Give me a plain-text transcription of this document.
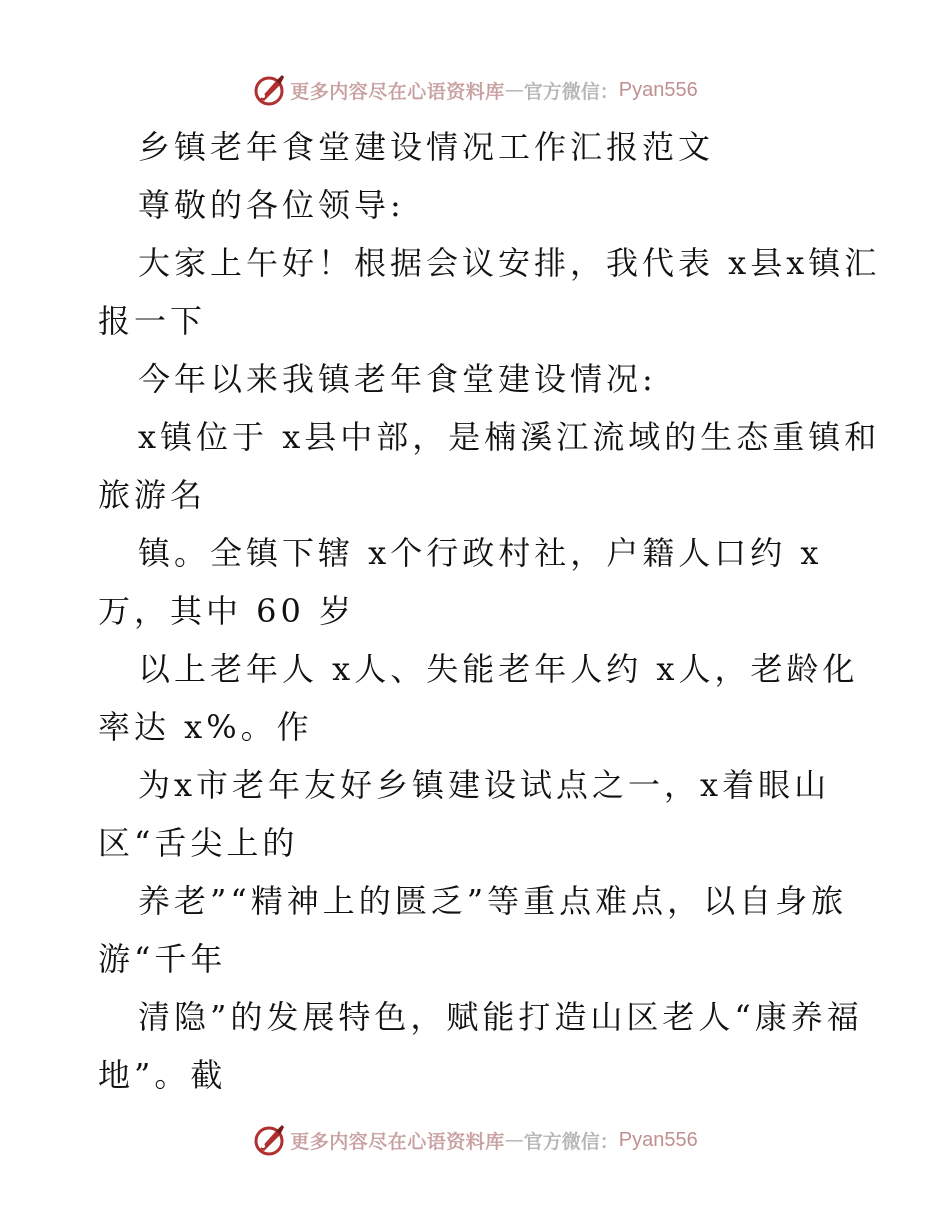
更多内容尽在心语资料库 — 官方微信： Pyan556
乡镇老年食堂建设情况工作汇报范文
尊敬的各位领导:
大家上午好！根据会议安排，我代表 x县x镇汇
报一下
今年以来我镇老年食堂建设情况:
x镇位于 x县中部，是楠溪江流域的生态重镇和
旅游名
镇。全镇下辖 x个行政村社，户籍人口约 x
万，其中 60 岁
以上老年人 x人、失能老年人约 x人，老龄化
率达 x%。作
为x市老年友好乡镇建设试点之一，x着眼山
区“舌尖上的
养老”“精神上的匮乏”等重点难点，以自身旅
游“千年
清隐”的发展特色，赋能打造山区老人“康养福
地”。截
更多内容尽在心语资料库 — 官方微信： Pyan556
